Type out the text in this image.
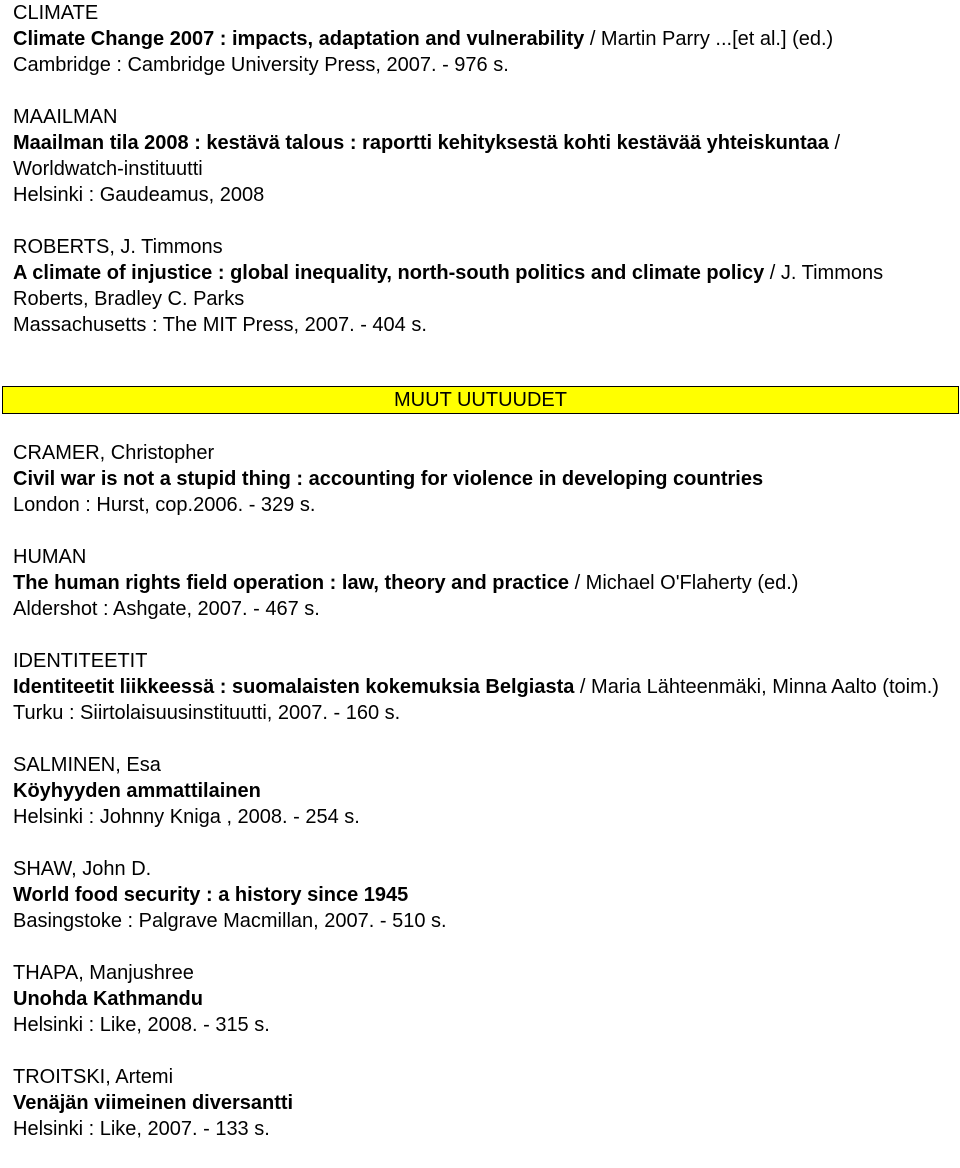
CLIMATE

Climate Change 2007 : impacts, adaptation and vulnerability / Martin Parry ...[et al.] (ed.)

Cambridge : Cambridge University Press, 2007. - 976 s.

MAAILMAN

Maailman tila 2008 : kestävä talous : raportti kehityksestä kohti kestävää yhteiskuntaa / Worldwatch-instituutti

Helsinki : Gaudeamus, 2008

ROBERTS, J. Timmons

A climate of injustice : global inequality, north-south politics and climate policy / J. Timmons Roberts, Bradley C. Parks

Massachusetts : The MIT Press, 2007. - 404 s.

MUUT UUTUUDET

CRAMER, Christopher

Civil war is not a stupid thing : accounting for violence in developing countries

London : Hurst, cop.2006. - 329 s.

HUMAN

The human rights field operation : law, theory and practice / Michael O'Flaherty (ed.)

Aldershot : Ashgate, 2007. - 467 s.

IDENTITEETIT

Identiteetit liikkeessä : suomalaisten kokemuksia Belgiasta / Maria Lähteenmäki, Minna Aalto (toim.)

Turku : Siirtolaisuusinstituutti, 2007. - 160 s.

SALMINEN, Esa

Köyhyyden ammattilainen

Helsinki : Johnny Kniga , 2008. - 254 s.

SHAW, John D.

World food security : a history since 1945

Basingstoke : Palgrave Macmillan, 2007. - 510 s.

THAPA, Manjushree

Unohda Kathmandu

Helsinki : Like, 2008. - 315 s.

TROITSKI, Artemi

Venäjän viimeinen diversantti

Helsinki : Like, 2007. - 133 s.
